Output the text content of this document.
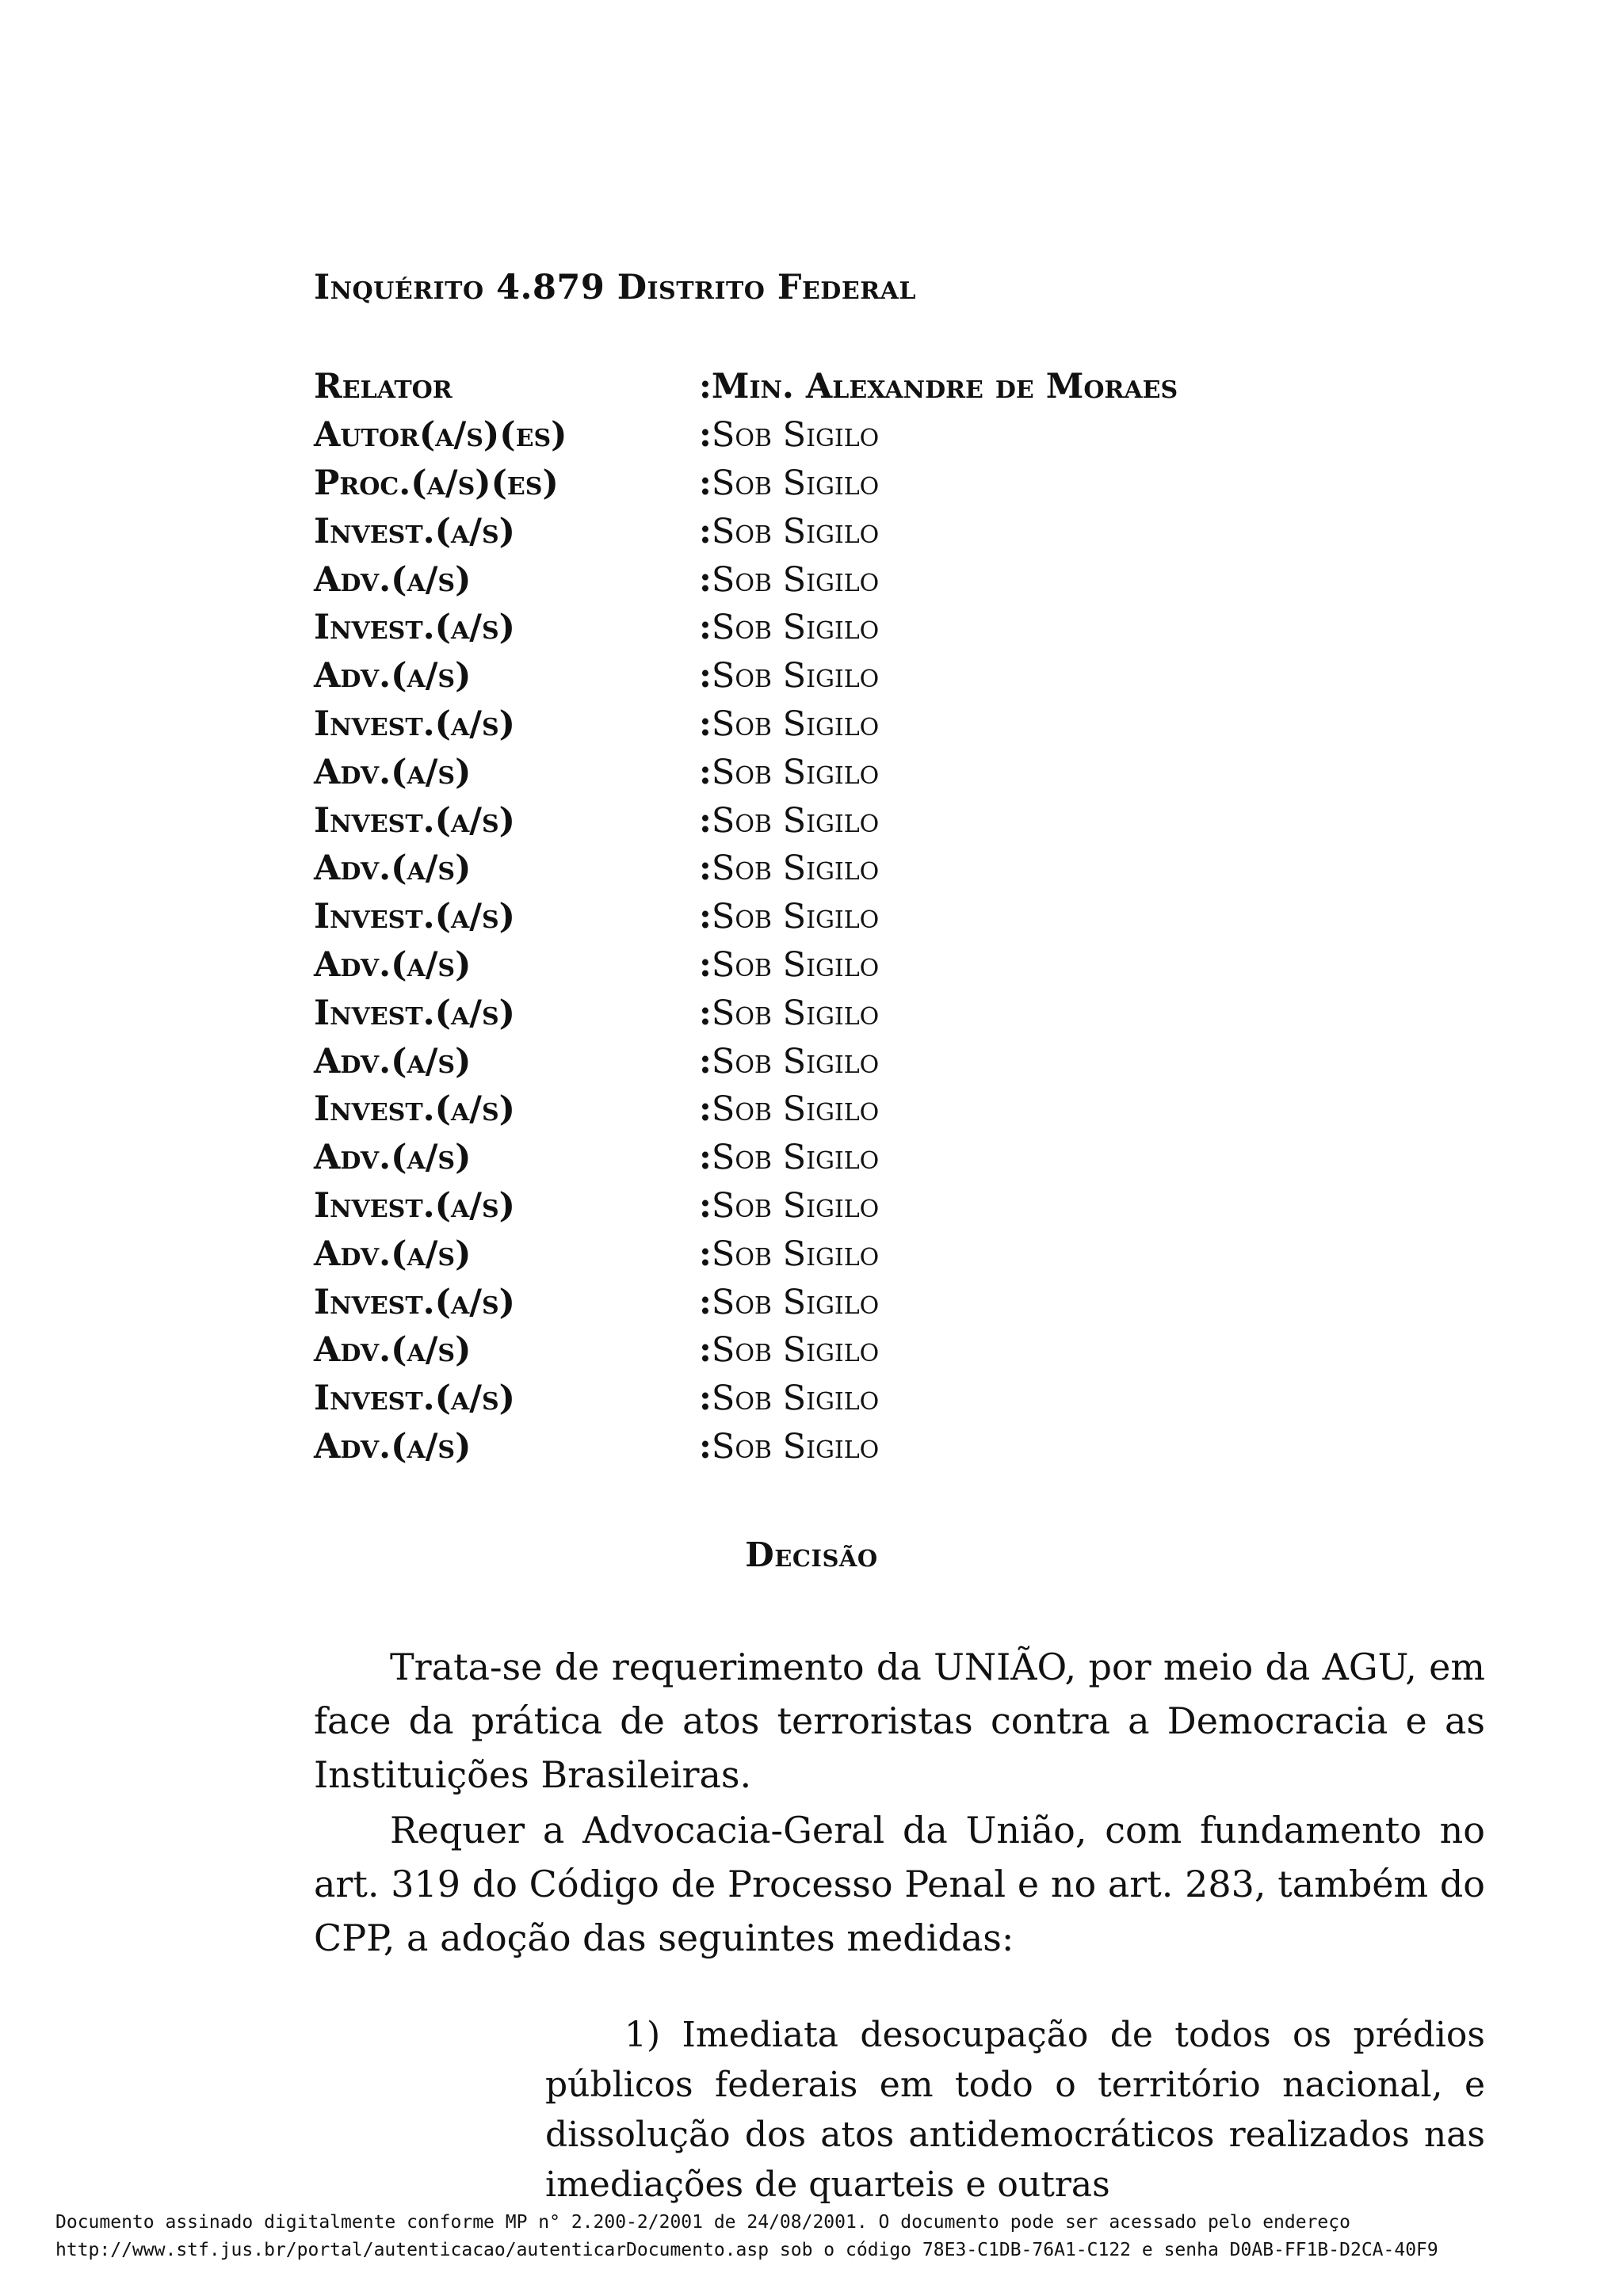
Inquérito 4.879 Distrito Federal
Relator	: Min. Alexandre de Moraes
Autor(a/s)(es)	: Sob Sigilo
Proc.(a/s)(es)	: Sob Sigilo
Invest.(a/s)	: Sob Sigilo
Adv.(a/s)	: Sob Sigilo
Invest.(a/s)	: Sob Sigilo
Adv.(a/s)	: Sob Sigilo
Invest.(a/s)	: Sob Sigilo
Adv.(a/s)	: Sob Sigilo
Invest.(a/s)	: Sob Sigilo
Adv.(a/s)	: Sob Sigilo
Invest.(a/s)	: Sob Sigilo
Adv.(a/s)	: Sob Sigilo
Invest.(a/s)	: Sob Sigilo
Adv.(a/s)	: Sob Sigilo
Invest.(a/s)	: Sob Sigilo
Adv.(a/s)	: Sob Sigilo
Invest.(a/s)	: Sob Sigilo
Adv.(a/s)	: Sob Sigilo
Invest.(a/s)	: Sob Sigilo
Adv.(a/s)	: Sob Sigilo
Invest.(a/s)	: Sob Sigilo
Adv.(a/s)	: Sob Sigilo
Decisão

Trata-se de requerimento da UNIÃO, por meio da AGU, em face da prática de atos terroristas contra a Democracia e as Instituições Brasileiras.

Requer a Advocacia-Geral da União, com fundamento no art. 319 do Código de Processo Penal e no art. 283, também do CPP, a adoção das seguintes medidas:

1) Imediata desocupação de todos os prédios públicos federais em todo o território nacional, e dissolução dos atos antidemocráticos realizados nas imediações de quarteis e outras

Documento assinado digitalmente conforme MP n° 2.200-2/2001 de 24/08/2001. O documento pode ser acessado pelo endereço
http://www.stf.jus.br/portal/autenticacao/autenticarDocumento.asp sob o código 78E3-C1DB-76A1-C122 e senha D0AB-FF1B-D2CA-40F9
